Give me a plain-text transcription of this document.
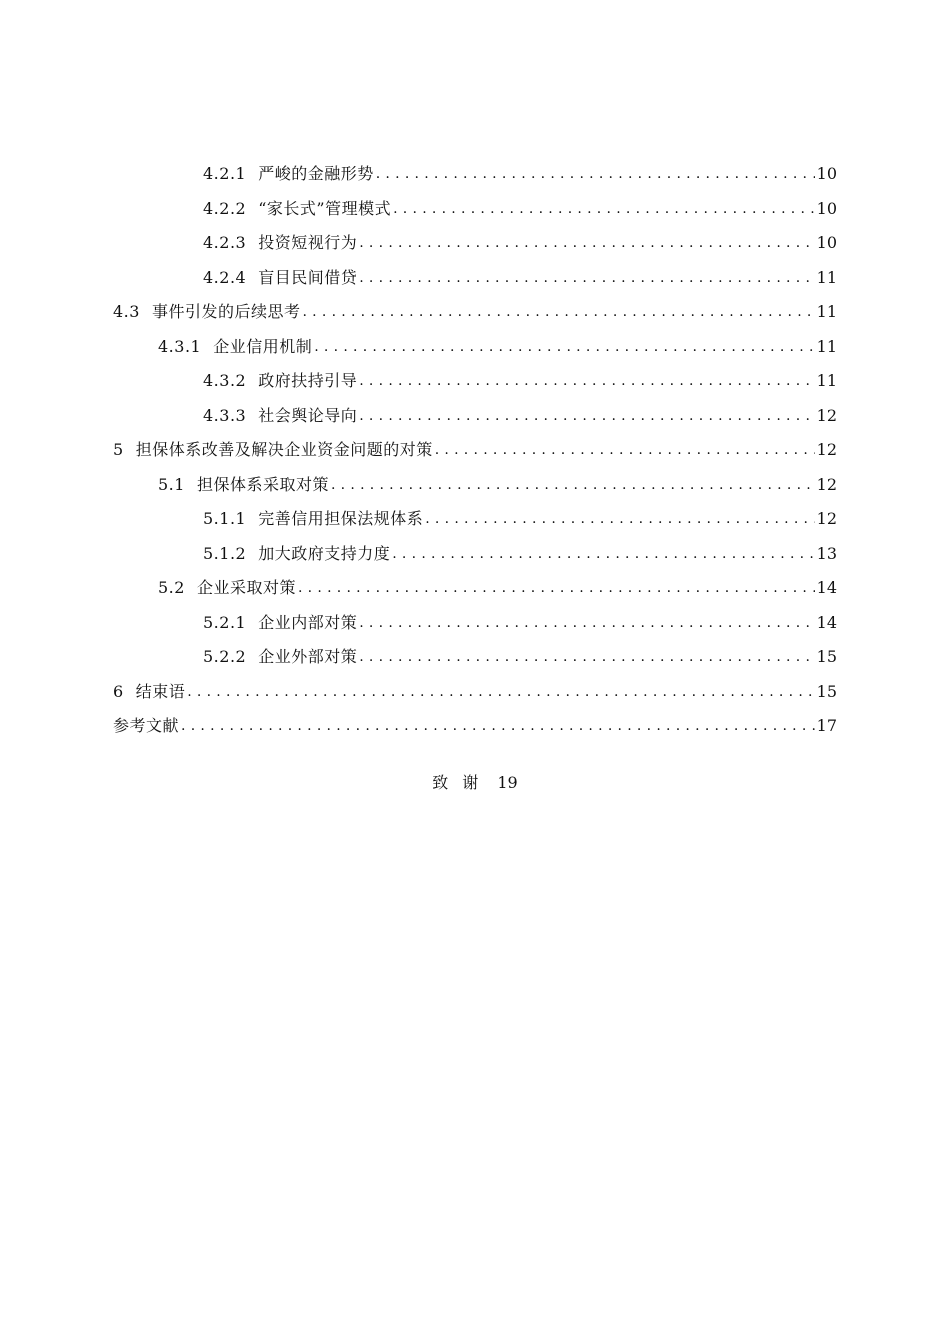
4.2.1 严峻的金融形势 . . .	10
4.2.2 “家长式”管理模式 . . .	10
4.2.3 投资短视行为 . . .	10
4.2.4 盲目民间借贷 . . .	11
4.3 事件引发的后续思考 . . .	11
4.3.1 企业信用机制 . . .	11
4.3.2 政府扶持引导 . . .	11
4.3.3 社会舆论导向 . . .	12
5 担保体系改善及解决企业资金问题的对策 . . .	12
5.1 担保体系采取对策 . . .	12
5.1.1 完善信用担保法规体系 . . .	12
5.1.2 加大政府支持力度 . . .	13
5.2 企业采取对策 . . .	14
5.2.1 企业内部对策 . . .	14
5.2.2 企业外部对策 . . .	15
6 结束语 . . .	15
参考文献 . . .	17
致谢 19
